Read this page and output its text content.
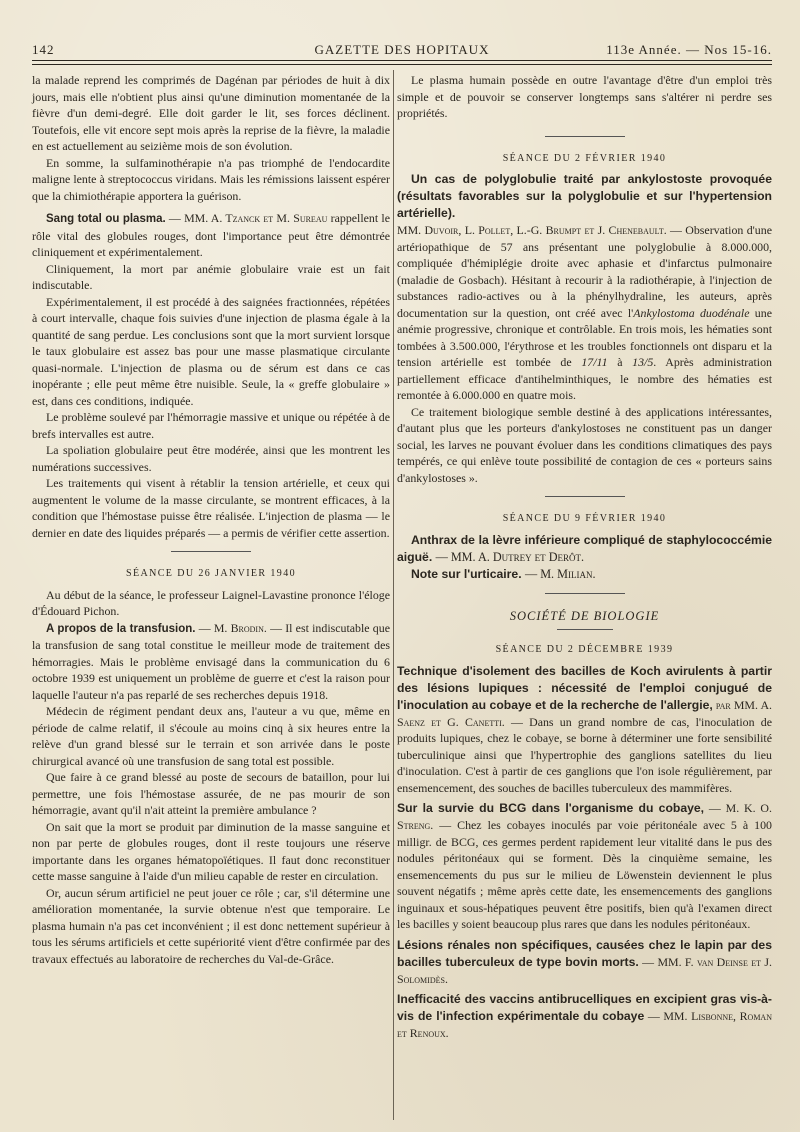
142	GAZETTE DES HOPITAUX	113e Année. — Nos 15-16.

la malade reprend les comprimés de Dagénan par périodes de huit à dix jours, mais elle n'obtient plus ainsi qu'une diminution momentanée de la fièvre d'un demi-degré. Elle doit garder le lit, ses forces déclinent. Toutefois, elle vit encore sept mois après la reprise de la fièvre, la maladie en est actuellement au seizième mois de son évolution.

En somme, la sulfaminothérapie n'a pas triomphé de l'endocardite maligne lente à streptococcus viridans. Mais les rémissions laissent espérer que la chimiothérapie apportera la guérison.

Sang total ou plasma. — MM. A. Tzanck et M. Sureau rappellent le rôle vital des globules rouges, dont l'importance peut être démontrée cliniquement et expérimentalement.

Cliniquement, la mort par anémie globulaire vraie est un fait indiscutable.

Expérimentalement, il est procédé à des saignées fractionnées, répétées à court intervalle, chaque fois suivies d'une injection de plasma égale à la quantité de sang perdue. Les conclusions sont que la mort survient lorsque le taux globulaire est assez bas pour une masse plasmatique circulante quasi-normale. L'injection de plasma ou de sérum est dans ce cas inopérante ; elle peut même être nuisible. Seule, la « greffe globulaire » est, dans ces conditions, indiquée.

Le problème soulevé par l'hémorragie massive et unique ou répétée à de brefs intervalles est autre.

La spoliation globulaire peut être modérée, ainsi que les montrent les numérations successives.

Les traitements qui visent à rétablir la tension artérielle, et ceux qui augmentent le volume de la masse circulante, se montrent efficaces, à la condition que l'hémostase puisse être réalisée. L'injection de plasma — le dernier en date des liquides préparés — a permis de vérifier cette assertion.

SÉANCE DU 26 JANVIER 1940

Au début de la séance, le professeur Laignel-Lavastine prononce l'éloge d'Édouard Pichon.

A propos de la transfusion. — M. Brodin. — Il est indiscutable que la transfusion de sang total constitue le meilleur mode de traitement des hémorragies. Mais le problème envisagé dans la communication du 6 octobre 1939 est uniquement un problème de guerre et c'est la raison pour laquelle l'auteur n'a pas reparlé de ses recherches depuis 1918.

Médecin de régiment pendant deux ans, l'auteur a vu que, même en période de calme relatif, il s'écoule au moins cinq à six heures entre la relève d'un grand blessé sur le terrain et son arrivée dans le poste chirurgical avancé où une transfusion de sang total est possible.

Que faire à ce grand blessé au poste de secours de bataillon, pour lui permettre, une fois l'hémostase assurée, de ne pas mourir de son hémorragie, avant qu'il n'ait atteint la première ambulance ?

On sait que la mort se produit par diminution de la masse sanguine et non par perte de globules rouges, dont il reste toujours une réserve importante dans les organes hématopoïétiques. Il faut donc reconstituer cette masse sanguine à l'aide d'un milieu capable de rester en circulation.

Or, aucun sérum artificiel ne peut jouer ce rôle ; car, s'il détermine une amélioration momentanée, la survie obtenue n'est que temporaire. Le plasma humain n'a pas cet inconvénient ; il est donc nettement supérieur à tous les sérums artificiels et cette supériorité vient d'être confirmée par des travaux effectués au laboratoire de recherches du Val-de-Grâce.

Le plasma humain possède en outre l'avantage d'être d'un emploi très simple et de pouvoir se conserver longtemps sans s'altérer ni perdre ses propriétés.

SÉANCE DU 2 FÉVRIER 1940

Un cas de polyglobulie traité par ankylostoste provoquée (résultats favorables sur la polyglobulie et sur l'hypertension artérielle).

MM. Duvoir, L. Pollet, L.-G. Brumpt et J. Chenebault. — Observation d'une artériopathique de 57 ans présentant une polyglobulie à 8.000.000, compliquée d'hémiplégie droite avec aphasie et d'infarctus pulmonaire (maladie de Gosbach). Hésitant à recourir à la radiothérapie, à l'injection de substances radio-actives ou à la phénylhydraline, les auteurs, après documentation sur la question, ont créé avec l'Ankylostoma duodénale une anémie progressive, chronique et contrôlable. En trois mois, les hématies sont tombées à 3.500.000, l'érythrose et les troubles fonctionnels ont disparu et la tension artérielle est tombée de 17/11 à 13/5. Après administration partiellement efficace d'antihelminthiques, le nombre des hématies est remontée à 6.000.000 en quatre mois.

Ce traitement biologique semble destiné à des applications intéressantes, d'autant plus que les porteurs d'ankylostoses ne constituent pas un danger social, les larves ne pouvant évoluer dans les conditions climatiques des pays tempérés, ce qui enlève toute possibilité de contagion de ces « porteurs sains d'ankylostoses ».

SÉANCE DU 9 FÉVRIER 1940

Anthrax de la lèvre inférieure compliqué de staphylococcémie aiguë. — MM. A. Dutrey et Derôt.

Note sur l'urticaire. — M. Milian.

SOCIÉTÉ DE BIOLOGIE

SÉANCE DU 2 DÉCEMBRE 1939

Technique d'isolement des bacilles de Koch avirulents à partir des lésions lupiques : nécessité de l'emploi conjugué de l'inoculation au cobaye et de la recherche de l'allergie, par MM. A. Saenz et G. Canetti. — Dans un grand nombre de cas, l'inoculation de produits lupiques, chez le cobaye, se borne à déterminer une forte sensibilité tuberculinique ainsi que l'hypertrophie des ganglions satellites du lieu d'inoculation. C'est à partir de ces ganglions que l'on isole régulièrement, par ensemencement, des souches de bacilles tuberculeux des mammifères.

Sur la survie du BCG dans l'organisme du cobaye, — M. K. O. Streng. — Chez les cobayes inoculés par voie péritonéale avec 5 à 100 milligr. de BCG, ces germes perdent rapidement leur vitalité dans le pus des nodules péritonéaux qui se forment. Dès la cinquième semaine, les ensemencements du pus sur le milieu de Löwenstein deviennent le plus souvent négatifs ; même après cette date, les ensemencements des ganglions inguinaux et sous-hépatiques peuvent être positifs, bien qu'à l'examen direct les bacilles y soient beaucoup plus rares que dans les nodules péritonéaux.

Lésions rénales non spécifiques, causées chez le lapin par des bacilles tuberculeux de type bovin morts. — MM. F. van Deinse et J. Solomidès.

Inefficacité des vaccins antibrucelliques en excipient gras vis-à-vis de l'infection expérimentale du cobaye — MM. Lisbonne, Roman et Renoux.
